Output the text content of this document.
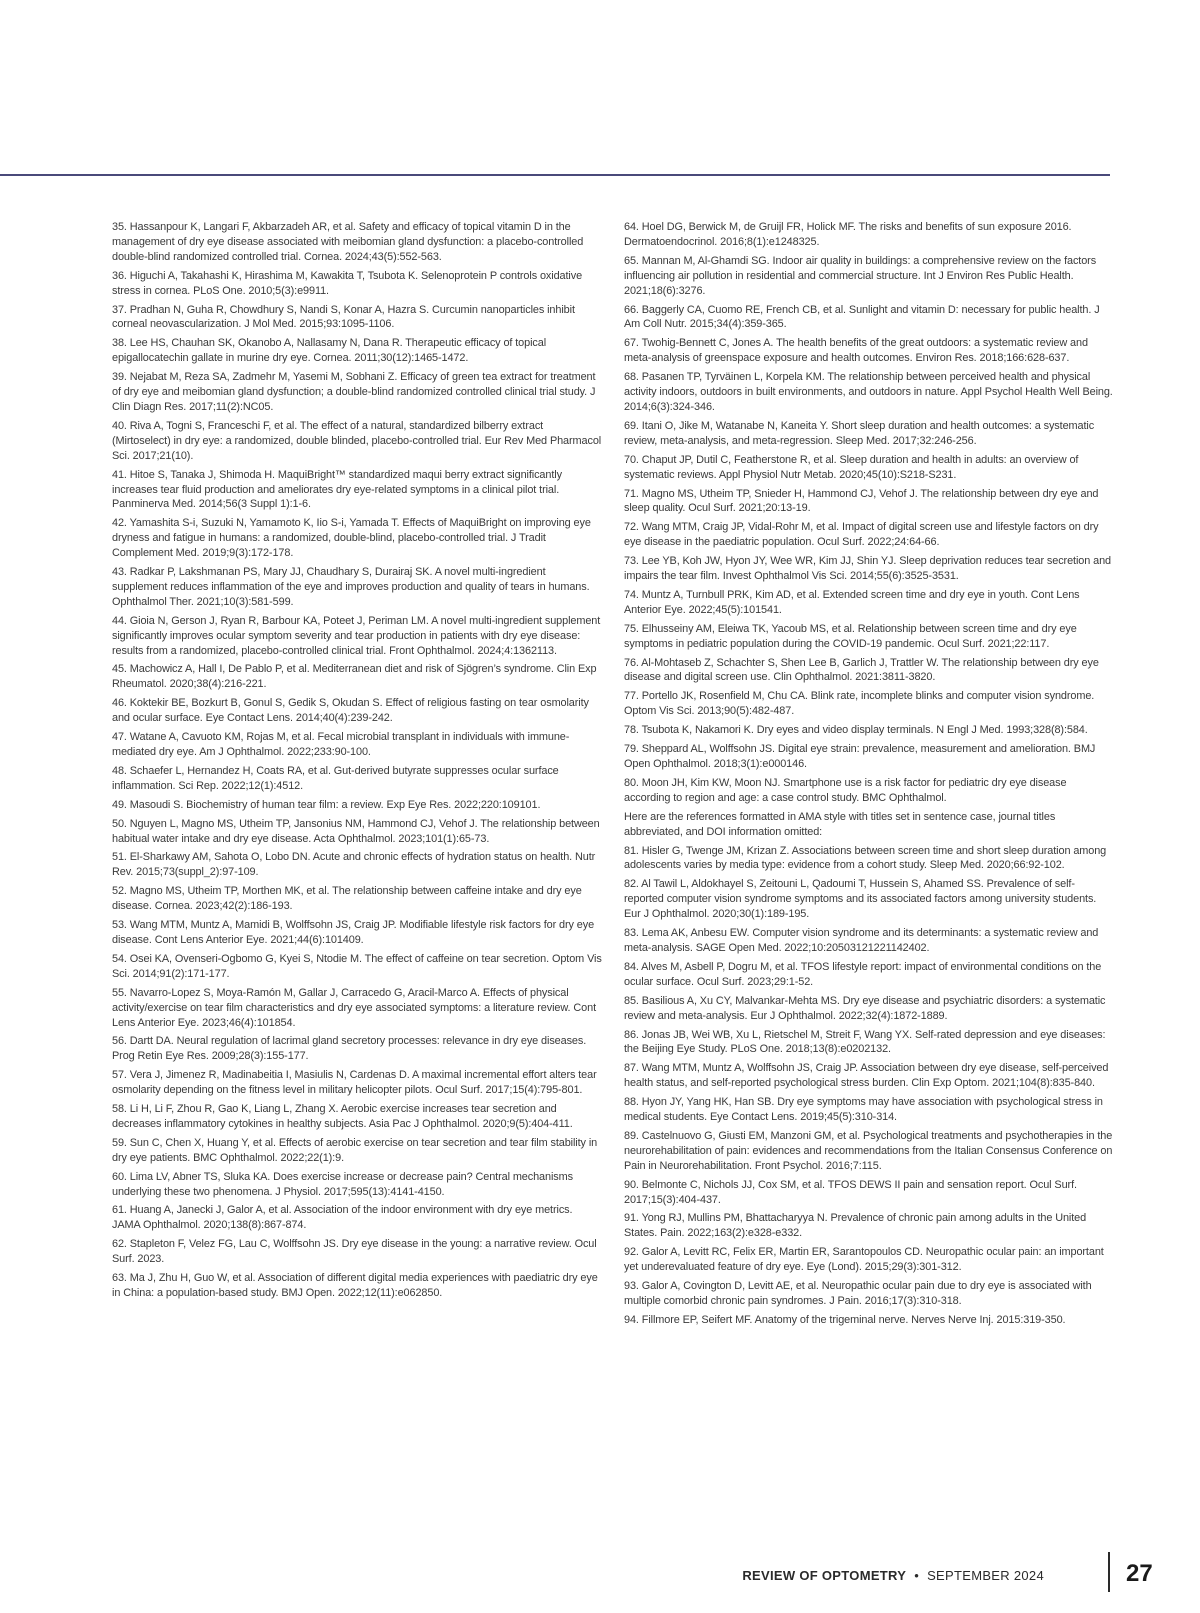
35. Hassanpour K, Langari F, Akbarzadeh AR, et al. Safety and efficacy of topical vitamin D in the management of dry eye disease associated with meibomian gland dysfunction: a placebo-controlled double-blind randomized controlled trial. Cornea. 2024;43(5):552-563.

36. Higuchi A, Takahashi K, Hirashima M, Kawakita T, Tsubota K. Selenoprotein P controls oxidative stress in cornea. PLoS One. 2010;5(3):e9911.

37. Pradhan N, Guha R, Chowdhury S, Nandi S, Konar A, Hazra S. Curcumin nanoparticles inhibit corneal neovascularization. J Mol Med. 2015;93:1095-1106.

38. Lee HS, Chauhan SK, Okanobo A, Nallasamy N, Dana R. Therapeutic efficacy of topical epigallocatechin gallate in murine dry eye. Cornea. 2011;30(12):1465-1472.

39. Nejabat M, Reza SA, Zadmehr M, Yasemi M, Sobhani Z. Efficacy of green tea extract for treatment of dry eye and meibomian gland dysfunction; a double-blind randomized controlled clinical trial study. J Clin Diagn Res. 2017;11(2):NC05.

40. Riva A, Togni S, Franceschi F, et al. The effect of a natural, standardized bilberry extract (Mirtoselect) in dry eye: a randomized, double blinded, placebo-controlled trial. Eur Rev Med Pharmacol Sci. 2017;21(10).

41. Hitoe S, Tanaka J, Shimoda H. MaquiBright™ standardized maqui berry extract significantly increases tear fluid production and ameliorates dry eye-related symptoms in a clinical pilot trial. Panminerva Med. 2014;56(3 Suppl 1):1-6.

42. Yamashita S-i, Suzuki N, Yamamoto K, Iio S-i, Yamada T. Effects of MaquiBright on improving eye dryness and fatigue in humans: a randomized, double-blind, placebo-controlled trial. J Tradit Complement Med. 2019;9(3):172-178.

43. Radkar P, Lakshmanan PS, Mary JJ, Chaudhary S, Durairaj SK. A novel multi-ingredient supplement reduces inflammation of the eye and improves production and quality of tears in humans. Ophthalmol Ther. 2021;10(3):581-599.

44. Gioia N, Gerson J, Ryan R, Barbour KA, Poteet J, Periman LM. A novel multi-ingredient supplement significantly improves ocular symptom severity and tear production in patients with dry eye disease: results from a randomized, placebo-controlled clinical trial. Front Ophthalmol. 2024;4:1362113.

45. Machowicz A, Hall I, De Pablo P, et al. Mediterranean diet and risk of Sjögren’s syndrome. Clin Exp Rheumatol. 2020;38(4):216-221.

46. Koktekir BE, Bozkurt B, Gonul S, Gedik S, Okudan S. Effect of religious fasting on tear osmolarity and ocular surface. Eye Contact Lens. 2014;40(4):239-242.

47. Watane A, Cavuoto KM, Rojas M, et al. Fecal microbial transplant in individuals with immune-mediated dry eye. Am J Ophthalmol. 2022;233:90-100.

48. Schaefer L, Hernandez H, Coats RA, et al. Gut-derived butyrate suppresses ocular surface inflammation. Sci Rep. 2022;12(1):4512.

49. Masoudi S. Biochemistry of human tear film: a review. Exp Eye Res. 2022;220:109101.

50. Nguyen L, Magno MS, Utheim TP, Jansonius NM, Hammond CJ, Vehof J. The relationship between habitual water intake and dry eye disease. Acta Ophthalmol. 2023;101(1):65-73.

51. El-Sharkawy AM, Sahota O, Lobo DN. Acute and chronic effects of hydration status on health. Nutr Rev. 2015;73(suppl_2):97-109.

52. Magno MS, Utheim TP, Morthen MK, et al. The relationship between caffeine intake and dry eye disease. Cornea. 2023;42(2):186-193.

53. Wang MTM, Muntz A, Mamidi B, Wolffsohn JS, Craig JP. Modifiable lifestyle risk factors for dry eye disease. Cont Lens Anterior Eye. 2021;44(6):101409.

54. Osei KA, Ovenseri-Ogbomo G, Kyei S, Ntodie M. The effect of caffeine on tear secretion. Optom Vis Sci. 2014;91(2):171-177.

55. Navarro-Lopez S, Moya-Ramón M, Gallar J, Carracedo G, Aracil-Marco A. Effects of physical activity/exercise on tear film characteristics and dry eye associated symptoms: a literature review. Cont Lens Anterior Eye. 2023;46(4):101854.

56. Dartt DA. Neural regulation of lacrimal gland secretory processes: relevance in dry eye diseases. Prog Retin Eye Res. 2009;28(3):155-177.

57. Vera J, Jimenez R, Madinabeitia I, Masiulis N, Cardenas D. A maximal incremental effort alters tear osmolarity depending on the fitness level in military helicopter pilots. Ocul Surf. 2017;15(4):795-801.

58. Li H, Li F, Zhou R, Gao K, Liang L, Zhang X. Aerobic exercise increases tear secretion and decreases inflammatory cytokines in healthy subjects. Asia Pac J Ophthalmol. 2020;9(5):404-411.

59. Sun C, Chen X, Huang Y, et al. Effects of aerobic exercise on tear secretion and tear film stability in dry eye patients. BMC Ophthalmol. 2022;22(1):9.

60. Lima LV, Abner TS, Sluka KA. Does exercise increase or decrease pain? Central mechanisms underlying these two phenomena. J Physiol. 2017;595(13):4141-4150.

61. Huang A, Janecki J, Galor A, et al. Association of the indoor environment with dry eye metrics. JAMA Ophthalmol. 2020;138(8):867-874.

62. Stapleton F, Velez FG, Lau C, Wolffsohn JS. Dry eye disease in the young: a narrative review. Ocul Surf. 2023.

63. Ma J, Zhu H, Guo W, et al. Association of different digital media experiences with paediatric dry eye in China: a population-based study. BMJ Open. 2022;12(11):e062850.

64. Hoel DG, Berwick M, de Gruijl FR, Holick MF. The risks and benefits of sun exposure 2016. Dermatoendocrinol. 2016;8(1):e1248325.

65. Mannan M, Al-Ghamdi SG. Indoor air quality in buildings: a comprehensive review on the factors influencing air pollution in residential and commercial structure. Int J Environ Res Public Health. 2021;18(6):3276.

66. Baggerly CA, Cuomo RE, French CB, et al. Sunlight and vitamin D: necessary for public health. J Am Coll Nutr. 2015;34(4):359-365.

67. Twohig-Bennett C, Jones A. The health benefits of the great outdoors: a systematic review and meta-analysis of greenspace exposure and health outcomes. Environ Res. 2018;166:628-637.

68. Pasanen TP, Tyrväinen L, Korpela KM. The relationship between perceived health and physical activity indoors, outdoors in built environments, and outdoors in nature. Appl Psychol Health Well Being. 2014;6(3):324-346.

69. Itani O, Jike M, Watanabe N, Kaneita Y. Short sleep duration and health outcomes: a systematic review, meta-analysis, and meta-regression. Sleep Med. 2017;32:246-256.

70. Chaput JP, Dutil C, Featherstone R, et al. Sleep duration and health in adults: an overview of systematic reviews. Appl Physiol Nutr Metab. 2020;45(10):S218-S231.

71. Magno MS, Utheim TP, Snieder H, Hammond CJ, Vehof J. The relationship between dry eye and sleep quality. Ocul Surf. 2021;20:13-19.

72. Wang MTM, Craig JP, Vidal-Rohr M, et al. Impact of digital screen use and lifestyle factors on dry eye disease in the paediatric population. Ocul Surf. 2022;24:64-66.

73. Lee YB, Koh JW, Hyon JY, Wee WR, Kim JJ, Shin YJ. Sleep deprivation reduces tear secretion and impairs the tear film. Invest Ophthalmol Vis Sci. 2014;55(6):3525-3531.

74. Muntz A, Turnbull PRK, Kim AD, et al. Extended screen time and dry eye in youth. Cont Lens Anterior Eye. 2022;45(5):101541.

75. Elhusseiny AM, Eleiwa TK, Yacoub MS, et al. Relationship between screen time and dry eye symptoms in pediatric population during the COVID-19 pandemic. Ocul Surf. 2021;22:117.

76. Al-Mohtaseb Z, Schachter S, Shen Lee B, Garlich J, Trattler W. The relationship between dry eye disease and digital screen use. Clin Ophthalmol. 2021:3811-3820.

77. Portello JK, Rosenfield M, Chu CA. Blink rate, incomplete blinks and computer vision syndrome. Optom Vis Sci. 2013;90(5):482-487.

78. Tsubota K, Nakamori K. Dry eyes and video display terminals. N Engl J Med. 1993;328(8):584.

79. Sheppard AL, Wolffsohn JS. Digital eye strain: prevalence, measurement and amelioration. BMJ Open Ophthalmol. 2018;3(1):e000146.

80. Moon JH, Kim KW, Moon NJ. Smartphone use is a risk factor for pediatric dry eye disease according to region and age: a case control study. BMC Ophthalmol.

Here are the references formatted in AMA style with titles set in sentence case, journal titles abbreviated, and DOI information omitted:

81. Hisler G, Twenge JM, Krizan Z. Associations between screen time and short sleep duration among adolescents varies by media type: evidence from a cohort study. Sleep Med. 2020;66:92-102.

82. Al Tawil L, Aldokhayel S, Zeitouni L, Qadoumi T, Hussein S, Ahamed SS. Prevalence of self-reported computer vision syndrome symptoms and its associated factors among university students. Eur J Ophthalmol. 2020;30(1):189-195.

83. Lema AK, Anbesu EW. Computer vision syndrome and its determinants: a systematic review and meta-analysis. SAGE Open Med. 2022;10:20503121221142402.

84. Alves M, Asbell P, Dogru M, et al. TFOS lifestyle report: impact of environmental conditions on the ocular surface. Ocul Surf. 2023;29:1-52.

85. Basilious A, Xu CY, Malvankar-Mehta MS. Dry eye disease and psychiatric disorders: a systematic review and meta-analysis. Eur J Ophthalmol. 2022;32(4):1872-1889.

86. Jonas JB, Wei WB, Xu L, Rietschel M, Streit F, Wang YX. Self-rated depression and eye diseases: the Beijing Eye Study. PLoS One. 2018;13(8):e0202132.

87. Wang MTM, Muntz A, Wolffsohn JS, Craig JP. Association between dry eye disease, self-perceived health status, and self-reported psychological stress burden. Clin Exp Optom. 2021;104(8):835-840.

88. Hyon JY, Yang HK, Han SB. Dry eye symptoms may have association with psychological stress in medical students. Eye Contact Lens. 2019;45(5):310-314.

89. Castelnuovo G, Giusti EM, Manzoni GM, et al. Psychological treatments and psychotherapies in the neurorehabilitation of pain: evidences and recommendations from the Italian Consensus Conference on Pain in Neurorehabilitation. Front Psychol. 2016;7:115.

90. Belmonte C, Nichols JJ, Cox SM, et al. TFOS DEWS II pain and sensation report. Ocul Surf. 2017;15(3):404-437.

91. Yong RJ, Mullins PM, Bhattacharyya N. Prevalence of chronic pain among adults in the United States. Pain. 2022;163(2):e328-e332.

92. Galor A, Levitt RC, Felix ER, Martin ER, Sarantopoulos CD. Neuropathic ocular pain: an important yet underevaluated feature of dry eye. Eye (Lond). 2015;29(3):301-312.

93. Galor A, Covington D, Levitt AE, et al. Neuropathic ocular pain due to dry eye is associated with multiple comorbid chronic pain syndromes. J Pain. 2016;17(3):310-318.

94. Fillmore EP, Seifert MF. Anatomy of the trigeminal nerve. Nerves Nerve Inj. 2015:319-350.

REVIEW OF OPTOMETRY • SEPTEMBER 2024	27
